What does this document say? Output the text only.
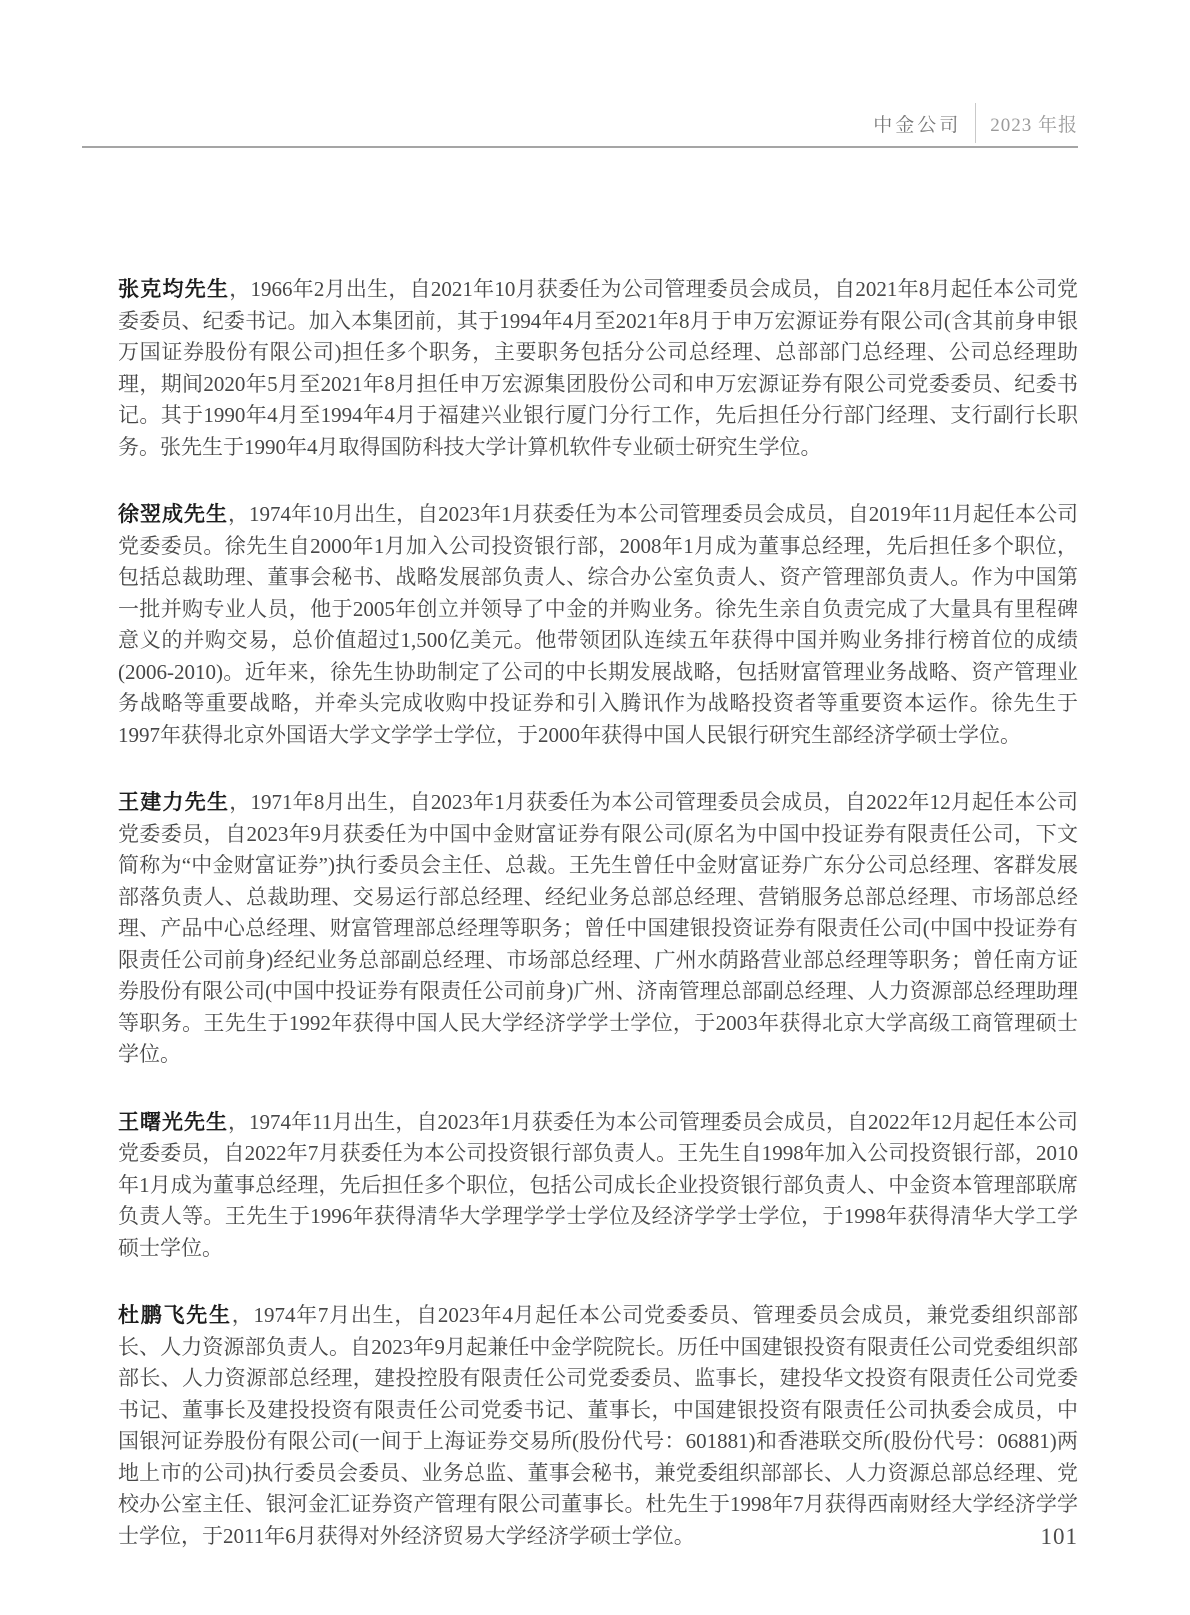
中金公司 2023 年报

张克均先生，1966年2月出生，自2021年10月获委任为公司管理委员会成员，自2021年8月起任本公司党委委员、纪委书记。加入本集团前，其于1994年4月至2021年8月于申万宏源证券有限公司(含其前身申银万国证券股份有限公司)担任多个职务，主要职务包括分公司总经理、总部部门总经理、公司总经理助理，期间2020年5月至2021年8月担任申万宏源集团股份公司和申万宏源证券有限公司党委委员、纪委书记。其于1990年4月至1994年4月于福建兴业银行厦门分行工作，先后担任分行部门经理、支行副行长职务。张先生于1990年4月取得国防科技大学计算机软件专业硕士研究生学位。

徐翌成先生，1974年10月出生，自2023年1月获委任为本公司管理委员会成员，自2019年11月起任本公司党委委员。徐先生自2000年1月加入公司投资银行部，2008年1月成为董事总经理，先后担任多个职位，包括总裁助理、董事会秘书、战略发展部负责人、综合办公室负责人、资产管理部负责人。作为中国第一批并购专业人员，他于2005年创立并领导了中金的并购业务。徐先生亲自负责完成了大量具有里程碑意义的并购交易，总价值超过1,500亿美元。他带领团队连续五年获得中国并购业务排行榜首位的成绩(2006-2010)。近年来，徐先生协助制定了公司的中长期发展战略，包括财富管理业务战略、资产管理业务战略等重要战略，并牵头完成收购中投证券和引入腾讯作为战略投资者等重要资本运作。徐先生于1997年获得北京外国语大学文学学士学位，于2000年获得中国人民银行研究生部经济学硕士学位。

王建力先生，1971年8月出生，自2023年1月获委任为本公司管理委员会成员，自2022年12月起任本公司党委委员，自2023年9月获委任为中国中金财富证券有限公司(原名为中国中投证券有限责任公司，下文简称为“中金财富证券”)执行委员会主任、总裁。王先生曾任中金财富证券广东分公司总经理、客群发展部落负责人、总裁助理、交易运行部总经理、经纪业务总部总经理、营销服务总部总经理、市场部总经理、产品中心总经理、财富管理部总经理等职务；曾任中国建银投资证券有限责任公司(中国中投证券有限责任公司前身)经纪业务总部副总经理、市场部总经理、广州水荫路营业部总经理等职务；曾任南方证券股份有限公司(中国中投证券有限责任公司前身)广州、济南管理总部副总经理、人力资源部总经理助理等职务。王先生于1992年获得中国人民大学经济学学士学位，于2003年获得北京大学高级工商管理硕士学位。

王曙光先生，1974年11月出生，自2023年1月获委任为本公司管理委员会成员，自2022年12月起任本公司党委委员，自2022年7月获委任为本公司投资银行部负责人。王先生自1998年加入公司投资银行部，2010年1月成为董事总经理，先后担任多个职位，包括公司成长企业投资银行部负责人、中金资本管理部联席负责人等。王先生于1996年获得清华大学理学学士学位及经济学学士学位，于1998年获得清华大学工学硕士学位。

杜鹏飞先生，1974年7月出生，自2023年4月起任本公司党委委员、管理委员会成员，兼党委组织部部长、人力资源部负责人。自2023年9月起兼任中金学院院长。历任中国建银投资有限责任公司党委组织部部长、人力资源部总经理，建投控股有限责任公司党委委员、监事长，建投华文投资有限责任公司党委书记、董事长及建投投资有限责任公司党委书记、董事长，中国建银投资有限责任公司执委会成员，中国银河证券股份有限公司(一间于上海证券交易所(股份代号：601881)和香港联交所(股份代号：06881)两地上市的公司)执行委员会委员、业务总监、董事会秘书，兼党委组织部部长、人力资源总部总经理、党校办公室主任、银河金汇证券资产管理有限公司董事长。杜先生于1998年7月获得西南财经大学经济学学士学位，于2011年6月获得对外经济贸易大学经济学硕士学位。	101
